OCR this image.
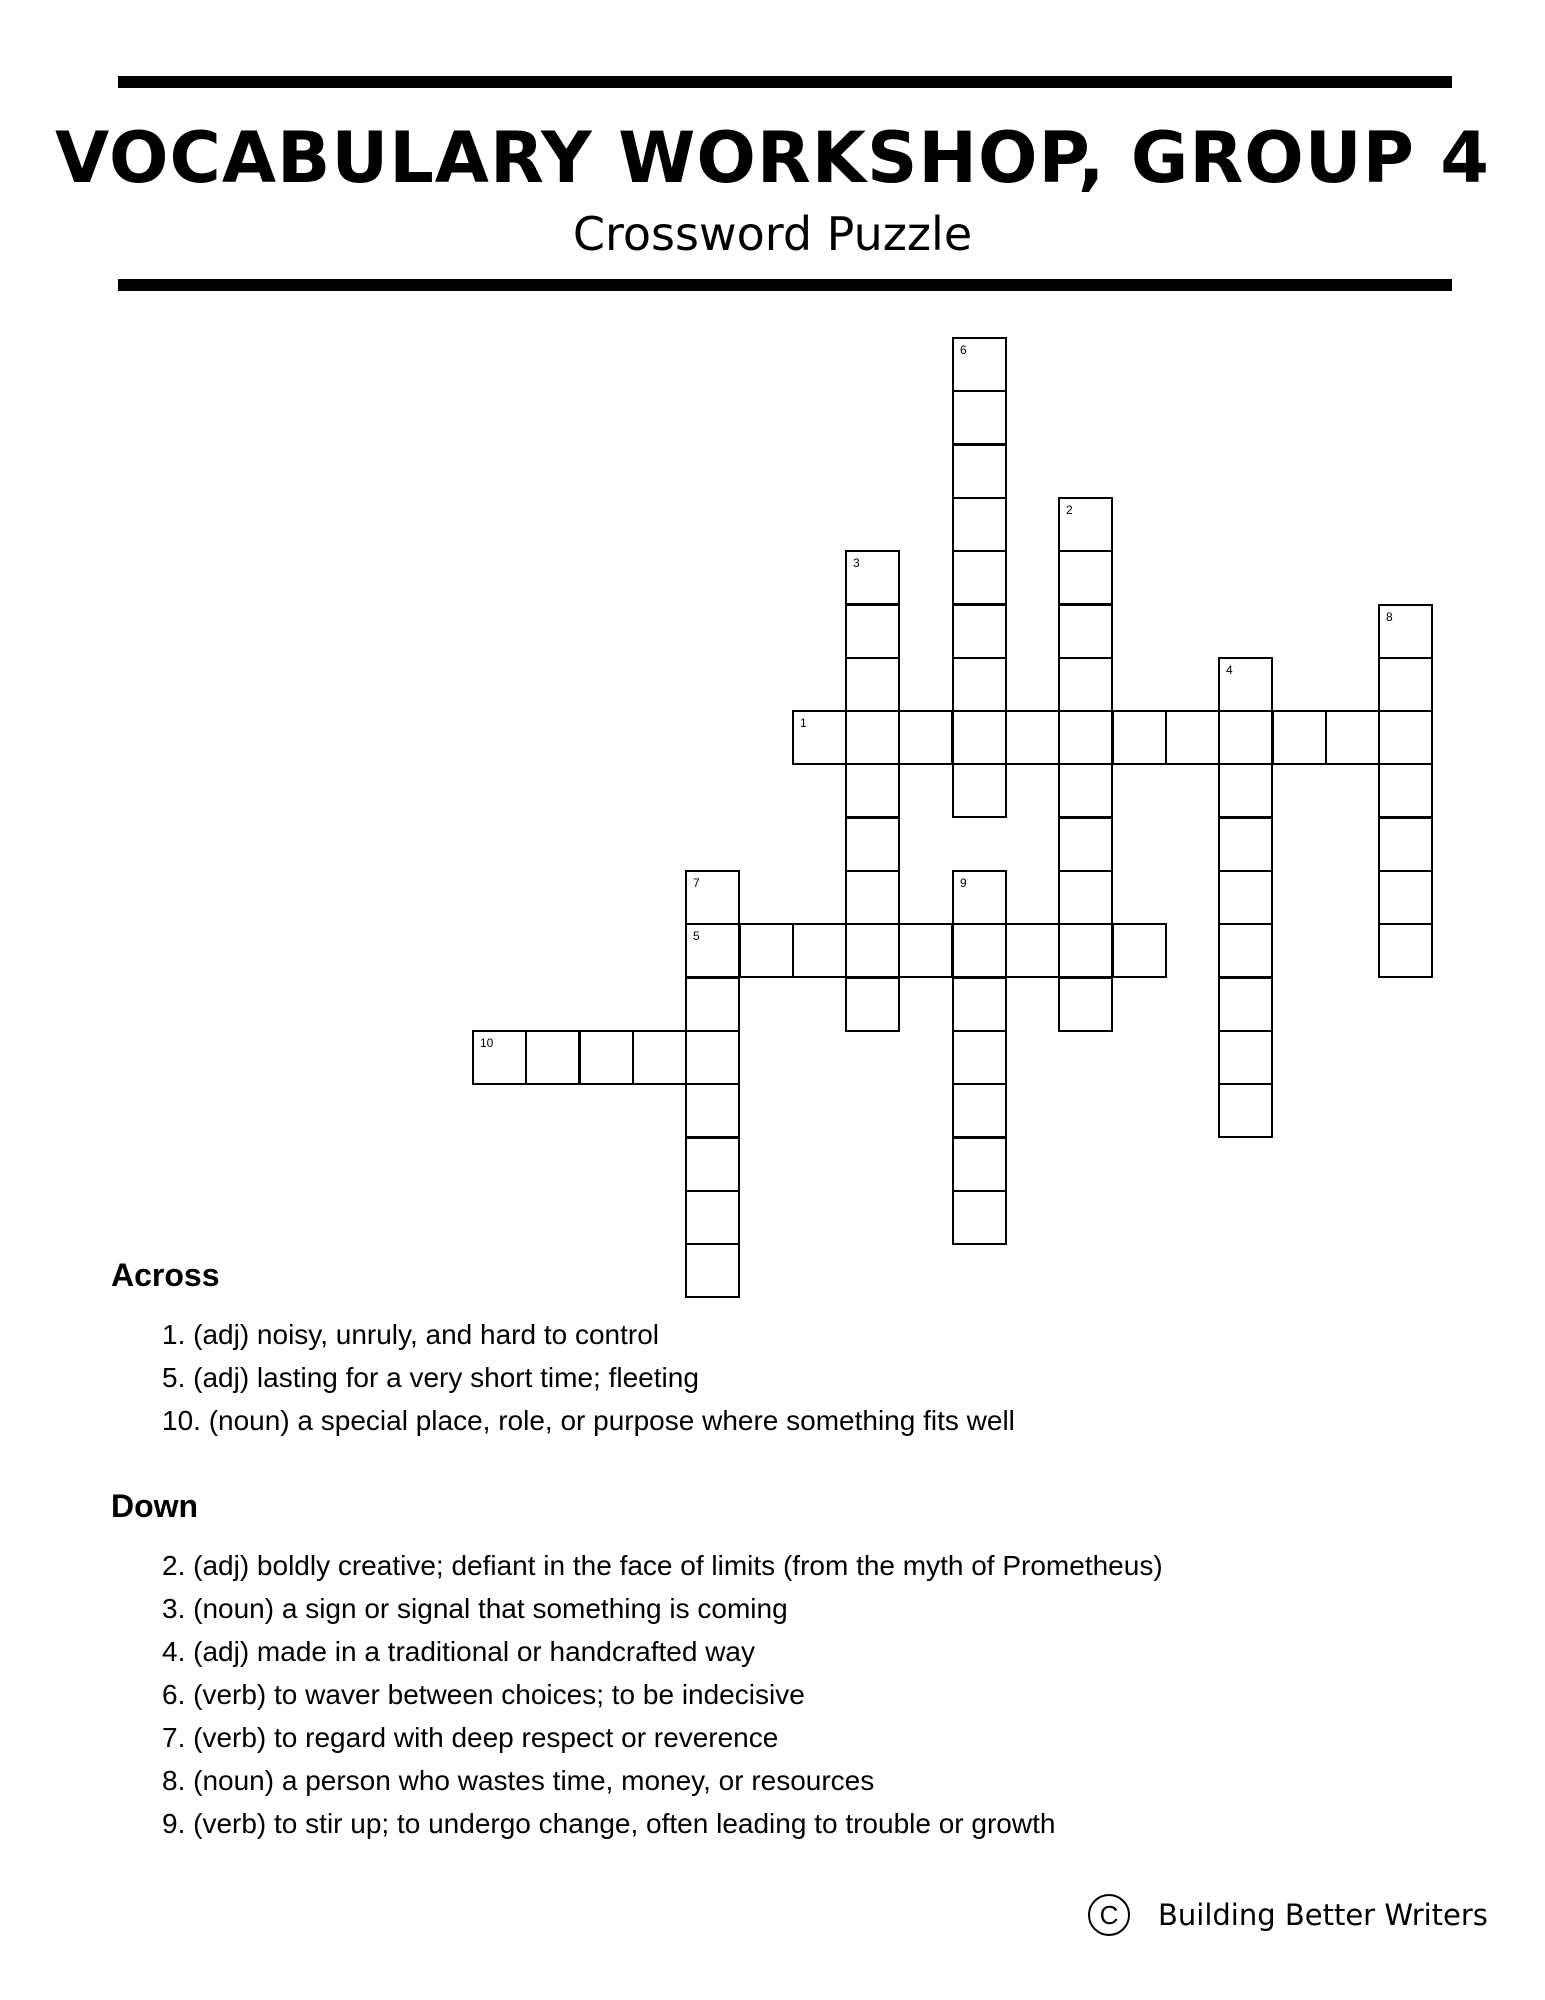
VOCABULARY WORKSHOP, GROUP 4
Crossword Puzzle
1
5
10
2
3
4
6
7
8
9
Across
1. (adj) noisy, unruly, and hard to control
5. (adj) lasting for a very short time; fleeting
10. (noun) a special place, role, or purpose where something fits well
Down
2. (adj) boldly creative; defiant in the face of limits (from the myth of Prometheus)
3. (noun) a sign or signal that something is coming
4. (adj) made in a traditional or handcrafted way
6. (verb) to waver between choices; to be indecisive
7. (verb) to regard with deep respect or reverence
8. (noun) a person who wastes time, money, or resources
9. (verb) to stir up; to undergo change, often leading to trouble or growth
C	Building Better Writers
